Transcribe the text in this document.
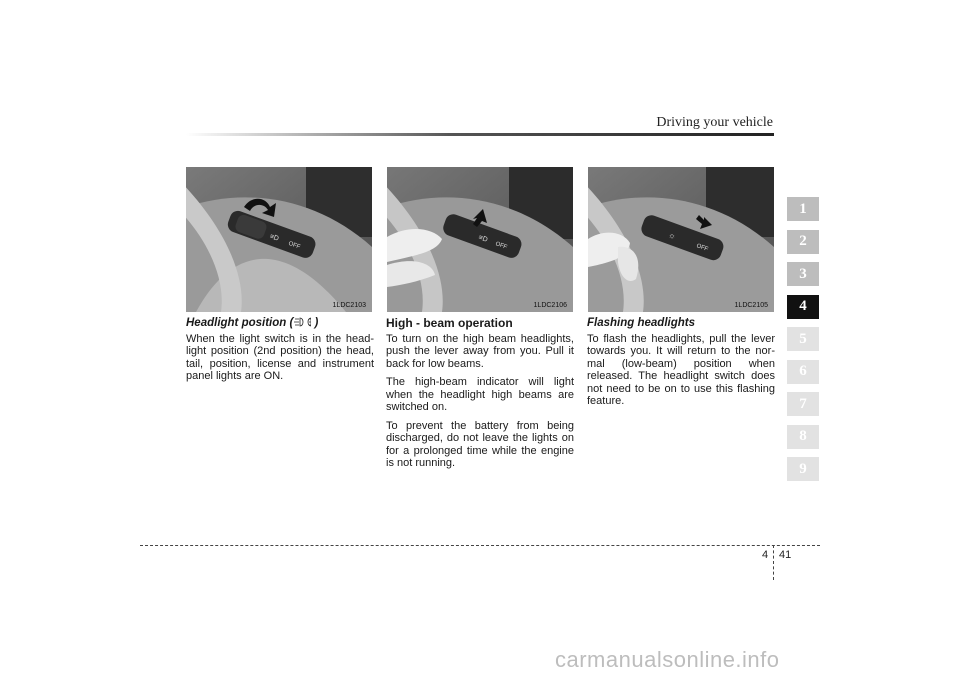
Driving your vehicle
≡D
OFF
1LDC2103
≡D
OFF
1LDC2106
☼
OFF
1LDC2105
Headlight position ( )

When the light switch is in the head-light position (2nd position) the head, tail, position, license and instrument panel lights are ON.

High - beam operation

To turn on the high beam headlights, push the lever away from you. Pull it back for low beams.

The high-beam indicator will light when the headlight high beams are switched on.

To prevent the battery from being discharged, do not leave the lights on for a prolonged time while the engine is not running.

Flashing headlights

To flash the headlights, pull the lever towards you. It will return to the nor-mal (low-beam) position when released. The headlight switch does not need to be on to use this flashing feature.

1
2
3
4
5
6
7
8
9
4 41
carmanualsonline.info
